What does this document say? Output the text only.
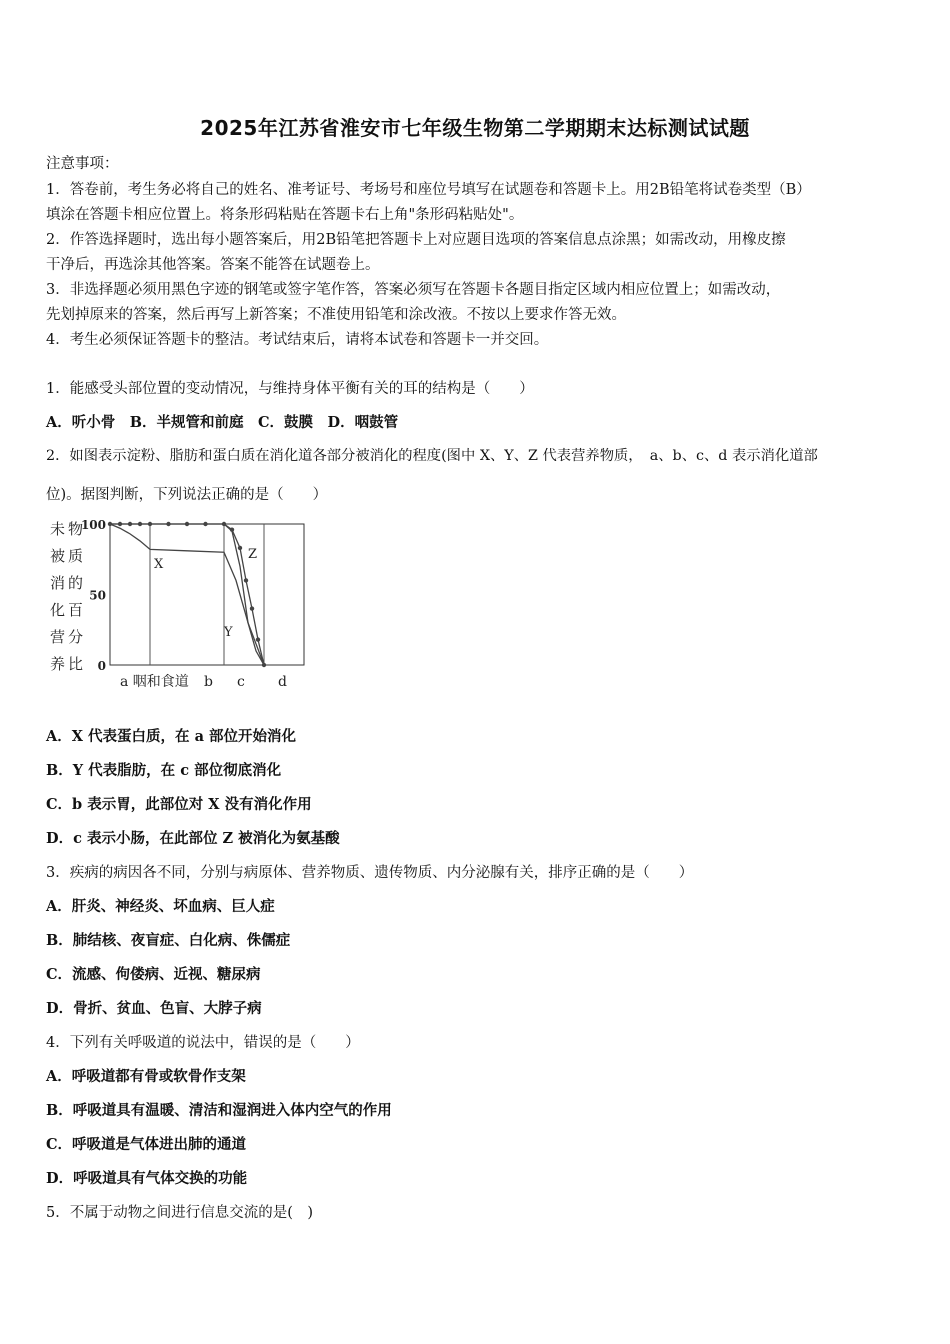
2025年江苏省淮安市七年级生物第二学期期末达标测试试题
注意事项：
1．答卷前，考生务必将自己的姓名、准考证号、考场号和座位号填写在试题卷和答题卡上。用2B铅笔将试卷类型（B）
填涂在答题卡相应位置上。将条形码粘贴在答题卡右上角"条形码粘贴处"。
2．作答选择题时，选出每小题答案后，用2B铅笔把答题卡上对应题目选项的答案信息点涂黑；如需改动，用橡皮擦
干净后，再选涂其他答案。答案不能答在试题卷上。
3．非选择题必须用黑色字迹的钢笔或签字笔作答，答案必须写在答题卡各题目指定区域内相应位置上；如需改动，
先划掉原来的答案，然后再写上新答案；不准使用铅笔和涂改液。不按以上要求作答无效。
4．考生必须保证答题卡的整洁。考试结束后，请将本试卷和答题卡一并交回。
1．能感受头部位置的变动情况，与维持身体平衡有关的耳的结构是（　　）
A．听小骨　B．半规管和前庭　C．鼓膜　D．咽鼓管
2．如图表示淀粉、脂肪和蛋白质在消化道各部分被消化的程度(图中 X、Y、Z 代表营养物质，　a、b、c、d 表示消化道部
位)。据图判断，下列说法正确的是（　　）
未 物
被 质
消 的
化 百
营 分
养 比
100
50
0
X
Y
Z
a 咽和食道 b c d
A．X 代表蛋白质，在 a 部位开始消化
B．Y 代表脂肪，在 c 部位彻底消化
C．b 表示胃，此部位对 X 没有消化作用
D．c 表示小肠，在此部位 Z 被消化为氨基酸
3．疾病的病因各不同，分别与病原体、营养物质、遗传物质、内分泌腺有关，排序正确的是（　　）
A．肝炎、神经炎、坏血病、巨人症
B．肺结核、夜盲症、白化病、侏儒症
C．流感、佝偻病、近视、糖尿病
D．骨折、贫血、色盲、大脖子病
4．下列有关呼吸道的说法中，错误的是（　　）
A．呼吸道都有骨或软骨作支架
B．呼吸道具有温暖、清洁和湿润进入体内空气的作用
C．呼吸道是气体进出肺的通道
D．呼吸道具有气体交换的功能
5．不属于动物之间进行信息交流的是(　)
